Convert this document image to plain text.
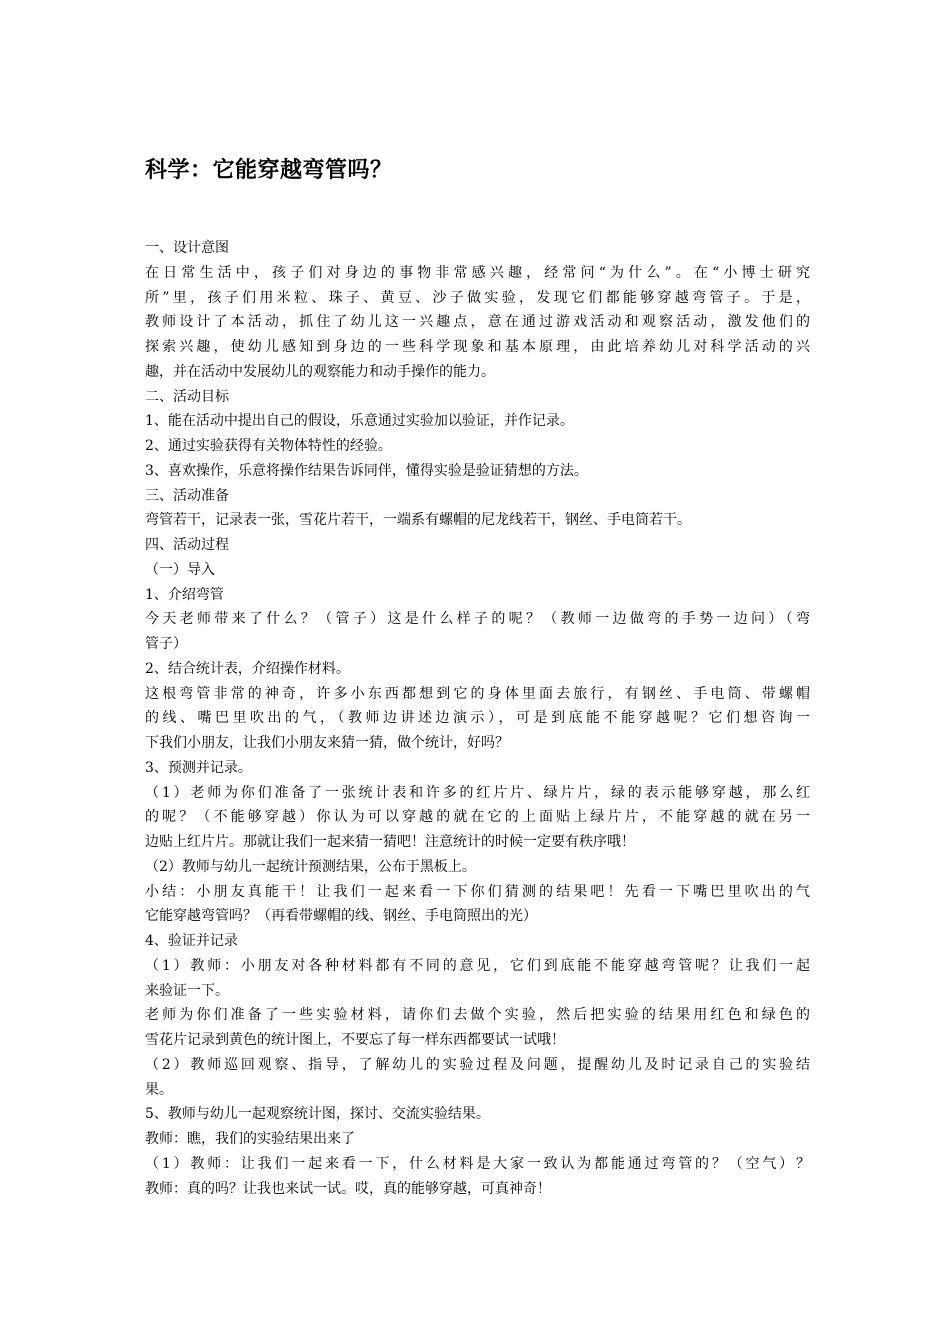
科学：它能穿越弯管吗？
一、设计意图
在日常生活中，孩子们对身边的事物非常感兴趣，经常问“为什么”。在“小博士研究
所”里，孩子们用米粒、珠子、黄豆、沙子做实验，发现它们都能够穿越弯管子。于是，
教师设计了本活动，抓住了幼儿这一兴趣点，意在通过游戏活动和观察活动，激发他们的
探索兴趣，使幼儿感知到身边的一些科学现象和基本原理，由此培养幼儿对科学活动的兴
趣，并在活动中发展幼儿的观察能力和动手操作的能力。
二、活动目标
1、能在活动中提出自己的假设，乐意通过实验加以验证，并作记录。
2、通过实验获得有关物体特性的经验。
3、喜欢操作，乐意将操作结果告诉同伴，懂得实验是验证猜想的方法。
三、活动准备
弯管若干，记录表一张，雪花片若干，一端系有螺帽的尼龙线若干，钢丝、手电筒若干。
四、活动过程
（一）导入
1、介绍弯管
今天老师带来了什么？（管子）这是什么样子的呢？（教师一边做弯的手势一边问）（弯
管子）
2、结合统计表，介绍操作材料。
这根弯管非常的神奇，许多小东西都想到它的身体里面去旅行，有钢丝、手电筒、带螺帽
的线、嘴巴里吹出的气，（教师边讲述边演示），可是到底能不能穿越呢？它们想咨询一
下我们小朋友，让我们小朋友来猜一猜，做个统计，好吗？
3、预测并记录。
（1）老师为你们准备了一张统计表和许多的红片片、绿片片，绿的表示能够穿越，那么红
的呢？（不能够穿越）你认为可以穿越的就在它的上面贴上绿片片，不能穿越的就在另一
边贴上红片片。那就让我们一起来猜一猜吧！注意统计的时候一定要有秩序哦！
（2）教师与幼儿一起统计预测结果，公布于黑板上。
小结：小朋友真能干！让我们一起来看一下你们猜测的结果吧！先看一下嘴巴里吹出的气
它能穿越弯管吗？（再看带螺帽的线、钢丝、手电筒照出的光）
4、验证并记录
（1）教师：小朋友对各种材料都有不同的意见，它们到底能不能穿越弯管呢？让我们一起
来验证一下。
老师为你们准备了一些实验材料，请你们去做个实验，然后把实验的结果用红色和绿色的
雪花片记录到黄色的统计图上，不要忘了每一样东西都要试一试哦！
（2）教师巡回观察、指导，了解幼儿的实验过程及问题，提醒幼儿及时记录自己的实验结
果。
5、教师与幼儿一起观察统计图，探讨、交流实验结果。
教师：瞧，我们的实验结果出来了
（1）教师：让我们一起来看一下，什么材料是大家一致认为都能通过弯管的？（空气）？
教师：真的吗？让我也来试一试。哎，真的能够穿越，可真神奇！
